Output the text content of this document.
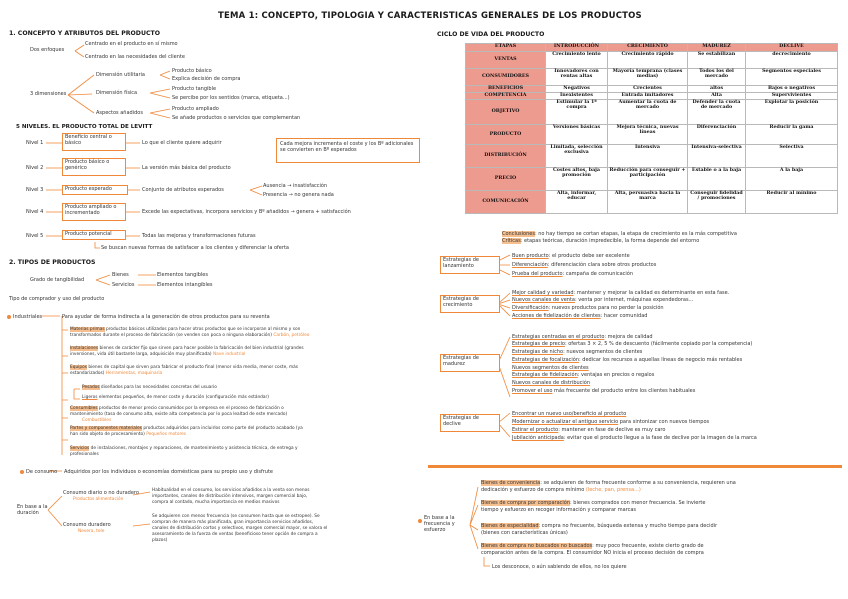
TEMA 1: CONCEPTO, TIPOLOGIA Y CARACTERISTICAS GENERALES DE LOS PRODUCTOS
1. CONCEPTO Y ATRIBUTOS DEL PRODUCTO
Dos enfoques
Centrado en el producto en sí mismo
Centrado en las necesidades del cliente
3 dimensiones
Dimensión utilitaria
Producto básico
Explica decisión de compra
Dimensión física
Producto tangible
Se percibe por los sentidos (marca, etiqueta...)
Aspectos añadidos
Producto ampliado
Se añade productos o servicios que complementan
5 NIVELES. EL PRODUCTO TOTAL DE LEVITT
Cada mejora incrementa el coste y los Bº adicionales se convierten en Bº esperados
Nivel 1
Beneficio central o básico	Lo que el cliente quiere adquirir
Nivel 2
Producto básico o genérico	La versión más básica del producto
Nivel 3	Producto esperado	Conjunto de atributos esperados
Ausencia → insatisfacción
Presencia → no genera nada
Nivel 4
Producto ampliado o incrementado	Excede las expectativas, incorpora servicios y Bº añadidos → genera + satisfacción
Nivel 5	Producto potencial	Todas las mejoras y transformaciones futuras
Se buscan nuevas formas de satisfacer a los clientes y diferenciar la oferta
2. TIPOS DE PRODUCTOS
Grado de tangibilidad
Bienes	Elementos tangibles
Servicios	Elementos intangibles
Tipo de comprador y uso del producto
Industriales	Para ayudar de forma indirecta a la generación de otros productos para su reventa
Materias primas productos básicos utilizados para hacer otros productos que se incorporan al mismo y son
transformados durante el proceso de fabricación (se venden con poca o ninguna elaboración) Carbón, petróleo
Instalaciones bienes de carácter fijo que sirven para hacer posible la fabricación del bien industrial (grandes
inversiones, vida útil bastante larga, adquisición muy planificada) Nave industrial
Equipos bienes de capital que sirven para fabricar el producto final (menor vida media, menor coste, más
estandarizados) Herramientas, maquinaria
Pesados diseñados para las necesidades concretas del usuario
Ligeros elementos pequeños, de menor coste y duración (configuración más estándar)
Consumibles productos de menor precio consumidos por la empresa en el proceso de fabricación o
mantenimiento (tasa de consumo alta, existe alta competencia por lo poca lealtad de este mercado)
Combustibles
Partes y componentes materiales productos adquiridos para incluirlos como parte del producto acabado (ya
han sido objeto de procesamiento) Pequeños motores
Servicios de instalaciones, montajes y reparaciones, de mantenimiento y asistencia técnica, de entrega y
profesionales
De consumo Adquiridos por los individuos o economías domésticas para su propio uso y disfrute
En base a la duración
Consumo diario o no duradero
Productos alimentación
Habitualidad en el consumo, los servicios añadidos a la venta son menos
importantes, canales de distribución intensivos, margen comercial bajo,
compra al contado, mucha importancia en medios masivos
Consumo duradero
Nevera, tele
Se adquieren con menos frecuencia (se consumen hasta que se estropee). Se
compran de manera más planificada, gran importancia servicios añadidos,
canales de distribución cortos y selectivos, margen comercial mayor, se valora el
asesoramiento de la fuerza de ventas (beneficioso tener opción de compra a
plazos)
CICLO DE VIDA DEL PRODUCTO
ETAPAS	INTRODUCCIÓN	CRECIMIENTO	MADUREZ	DECLIVE
VENTAS	Crecimiento lento	Crecimiento rápido	Se estabilizan	decrecimiento
CONSUMIDORES	Innovadores con rentas altas	Mayoría temprana (clases medias)	Todos los del mercado	Segmentos especiales
BENEFICIOS	Negativos	Crecientes	altos	Bajos o negativos
COMPETENCIA	Inexistentes	Entrada imitadores	Alta	Supervivientes
OBJETIVO	Estimular la 1ª compra	Aumentar la cuota de mercado	Defender la cuota de mercado	Explotar la posición
PRODUCTO	Versiones básicas	Mejora técnica, nuevas líneas	Diferenciación	Reducir la gama
DISTRIBUCIÓN	Limitada, selección exclusiva	Intensiva	Intensiva-selectiva	Selectiva
PRECIO	Costes altos, baja promoción	Reducción para conseguir + participación	Estable o a la baja	A la baja
COMUNICACIÓN	Alta, informar, educar	Alta, persuasiva hacia la marca	Conseguir fidelidad / promociones	Reducir al mínimo
Conclusiones: no hay tiempo se cortan etapas, la etapa de crecimiento es la más competitiva
Críticas: etapas teóricas, duración impredecible, la forma depende del entorno
Estrategias de lanzamiento
Buen producto: el producto debe ser excelente
Diferenciación: diferenciación clara sobre otros productos
Prueba del producto: campaña de comunicación
Estrategias de crecimiento
Mejor calidad y variedad: mantener y mejorar la calidad es determinante en esta fase.
Nuevos canales de venta: venta por internet, máquinas expendedoras...
Diversificación: nuevos productos para no perder la posición
Acciones de fidelización de clientes: hacer comunidad
Estrategias de madurez
Estrategias centradas en el producto: mejora de calidad
Estrategias de precio: ofertas 3 × 2, 5 % de descuento (fácilmente copiado por la competencia)
Estrategias de nicho: nuevos segmentos de clientes
Estrategias de focalización: dedicar los recursos a aquellas líneas de negocio más rentables
Nuevos segmentos de clientes
Estrategias de fidelización: ventajas en precios o regalos
Nuevos canales de distribución
Promover el uso más frecuente del producto entre los clientes habituales
Estrategias de declive
Encontrar un nuevo uso/beneficio al producto
Modernizar o actualizar el antiguo servicio para sintonizar con nuevos tiempos
Estirar el producto: mantener en fase de declive es muy caro
Jubilación anticipada: evitar que el producto llegue a la fase de declive por la imagen de la marca
En base a la frecuencia y esfuerzo
Bienes de conveniencia: se adquieren de forma frecuente conforme a su conveniencia, requieren una
dedicación y esfuerzo de compra mínimo (leche, pan, prensa...)
Bienes de compra por comparación: bienes comprados con menor frecuencia. Se invierte
tiempo y esfuerzo en recoger información y comparar marcas
Bienes de especialidad: compra no frecuente, búsqueda extensa y mucho tiempo para decidir
(bienes con características únicas)
Bienes de compra no buscados no buscados: muy poco frecuente, existe cierto grado de
comparación antes de la compra. El consumidor NO inicia el proceso decisión de compra
Los desconoce, o aún sabiendo de ellos, no los quiere
